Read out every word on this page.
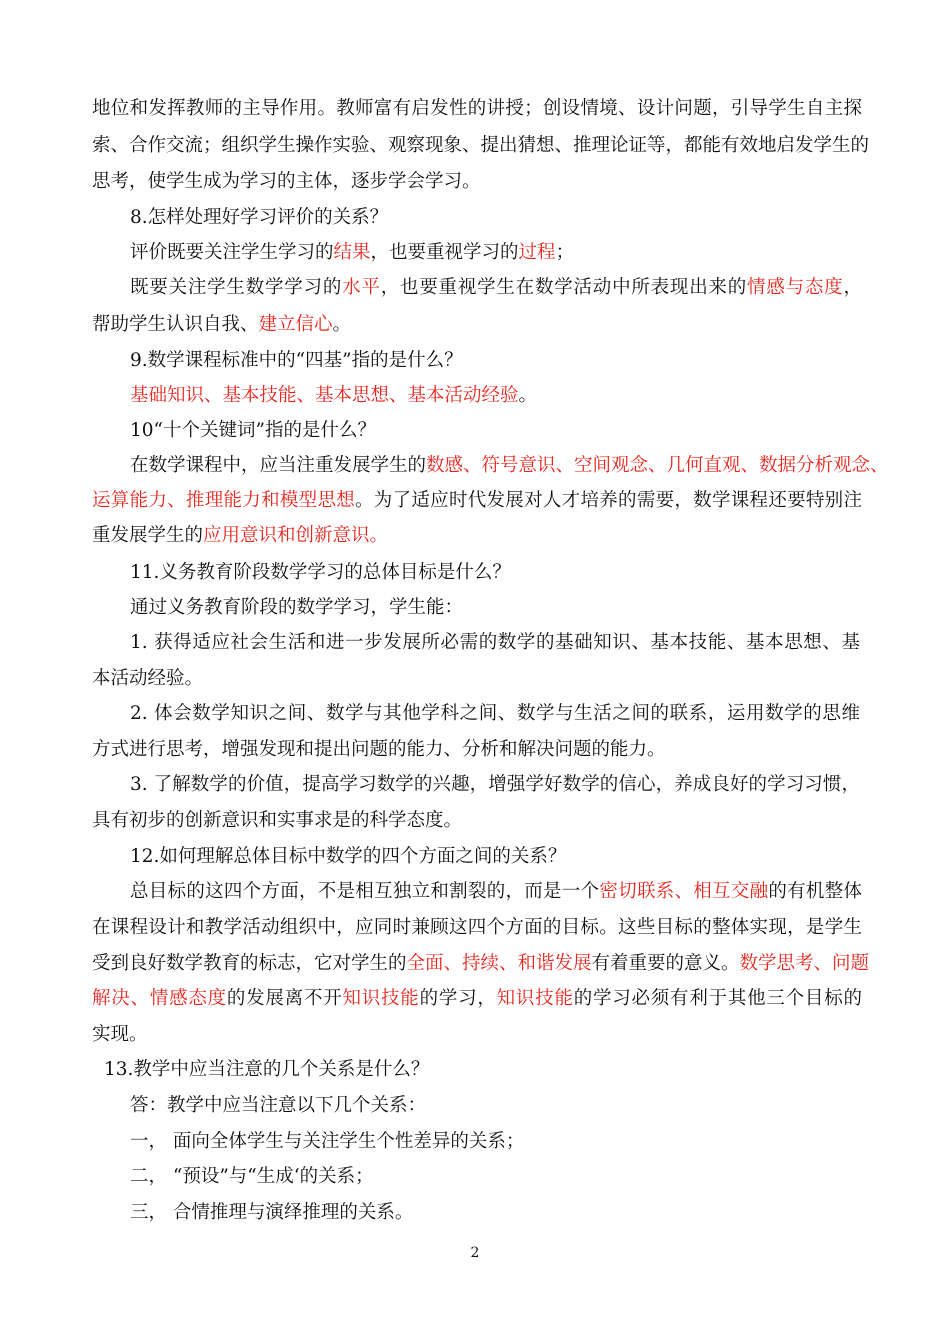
地位和发挥教师的主导作用。教师富有启发性的讲授；创设情境、设计问题，引导学生自主探
索、合作交流；组织学生操作实验、观察现象、提出猜想、推理论证等，都能有效地启发学生的
思考，使学生成为学习的主体，逐步学会学习。
8.怎样处理好学习评价的关系？
评价既要关注学生学习的结果，也要重视学习的过程；
既要关注学生数学学习的水平，也要重视学生在数学活动中所表现出来的情感与态度，
帮助学生认识自我、建立信心。
9.数学课程标准中的“四基”指的是什么？
基础知识、基本技能、基本思想、基本活动经验。
10“十个关键词”指的是什么？
在数学课程中，应当注重发展学生的数感、符号意识、空间观念、几何直观、数据分析观念、
运算能力、推理能力和模型思想。为了适应时代发展对人才培养的需要，数学课程还要特别注
重发展学生的应用意识和创新意识。
11.义务教育阶段数学学习的总体目标是什么？
通过义务教育阶段的数学学习，学生能：
1. 获得适应社会生活和进一步发展所必需的数学的基础知识、基本技能、基本思想、基
本活动经验。
2. 体会数学知识之间、数学与其他学科之间、数学与生活之间的联系，运用数学的思维
方式进行思考，增强发现和提出问题的能力、分析和解决问题的能力。
3. 了解数学的价值，提高学习数学的兴趣，增强学好数学的信心，养成良好的学习习惯，
具有初步的创新意识和实事求是的科学态度。
12.如何理解总体目标中数学的四个方面之间的关系？
总目标的这四个方面，不是相互独立和割裂的，而是一个密切联系、相互交融的有机整体
在课程设计和教学活动组织中，应同时兼顾这四个方面的目标。这些目标的整体实现，是学生
受到良好数学教育的标志，它对学生的全面、持续、和谐发展有着重要的意义。数学思考、问题
解决、情感态度的发展离不开知识技能的学习，知识技能的学习必须有利于其他三个目标的
实现。
13.教学中应当注意的几个关系是什么？
答：教学中应当注意以下几个关系：
一， 面向全体学生与关注学生个性差异的关系；
二， “预设”与“生成‘的关系；
三， 合情推理与演绎推理的关系。
2
